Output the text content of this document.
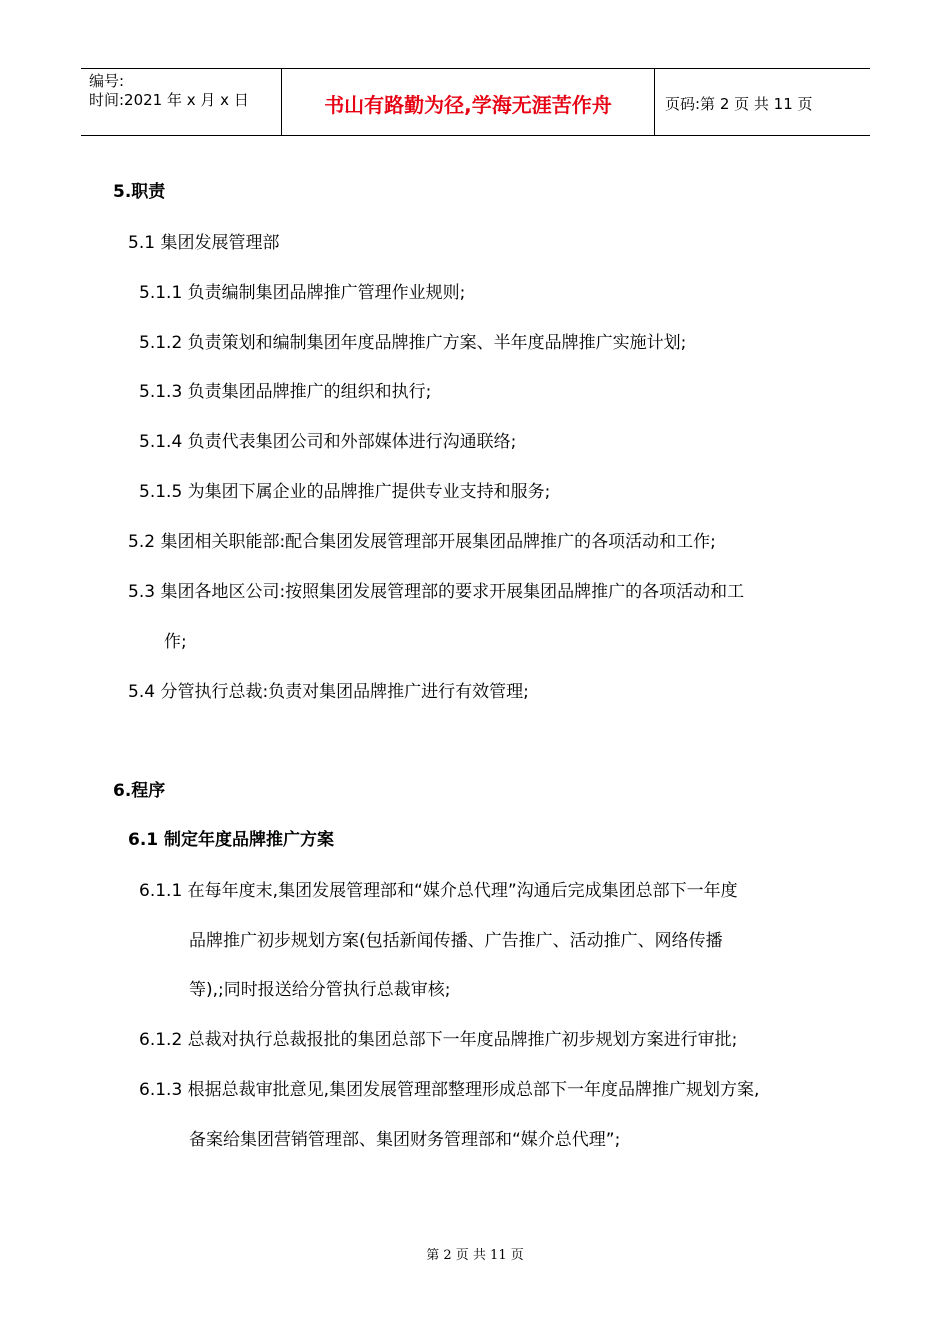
编号:
时间:2021 年 x 月 x 日	书山有路勤为径,学海无涯苦作舟	页码:第 2 页 共 11 页
5.职责
5.1 集团发展管理部
5.1.1 负责编制集团品牌推广管理作业规则;
5.1.2 负责策划和编制集团年度品牌推广方案、半年度品牌推广实施计划;
5.1.3 负责集团品牌推广的组织和执行;
5.1.4 负责代表集团公司和外部媒体进行沟通联络;
5.1.5 为集团下属企业的品牌推广提供专业支持和服务;
5.2 集团相关职能部:配合集团发展管理部开展集团品牌推广的各项活动和工作;
5.3 集团各地区公司:按照集团发展管理部的要求开展集团品牌推广的各项活动和工
作;
5.4 分管执行总裁:负责对集团品牌推广进行有效管理;
6.程序
6.1 制定年度品牌推广方案
6.1.1 在每年度末,集团发展管理部和“媒介总代理”沟通后完成集团总部下一年度
品牌推广初步规划方案(包括新闻传播、广告推广、活动推广、网络传播
等),;同时报送给分管执行总裁审核;
6.1.2 总裁对执行总裁报批的集团总部下一年度品牌推广初步规划方案进行审批;
6.1.3 根据总裁审批意见,集团发展管理部整理形成总部下一年度品牌推广规划方案,
备案给集团营销管理部、集团财务管理部和“媒介总代理”;
第 2 页 共 11 页
